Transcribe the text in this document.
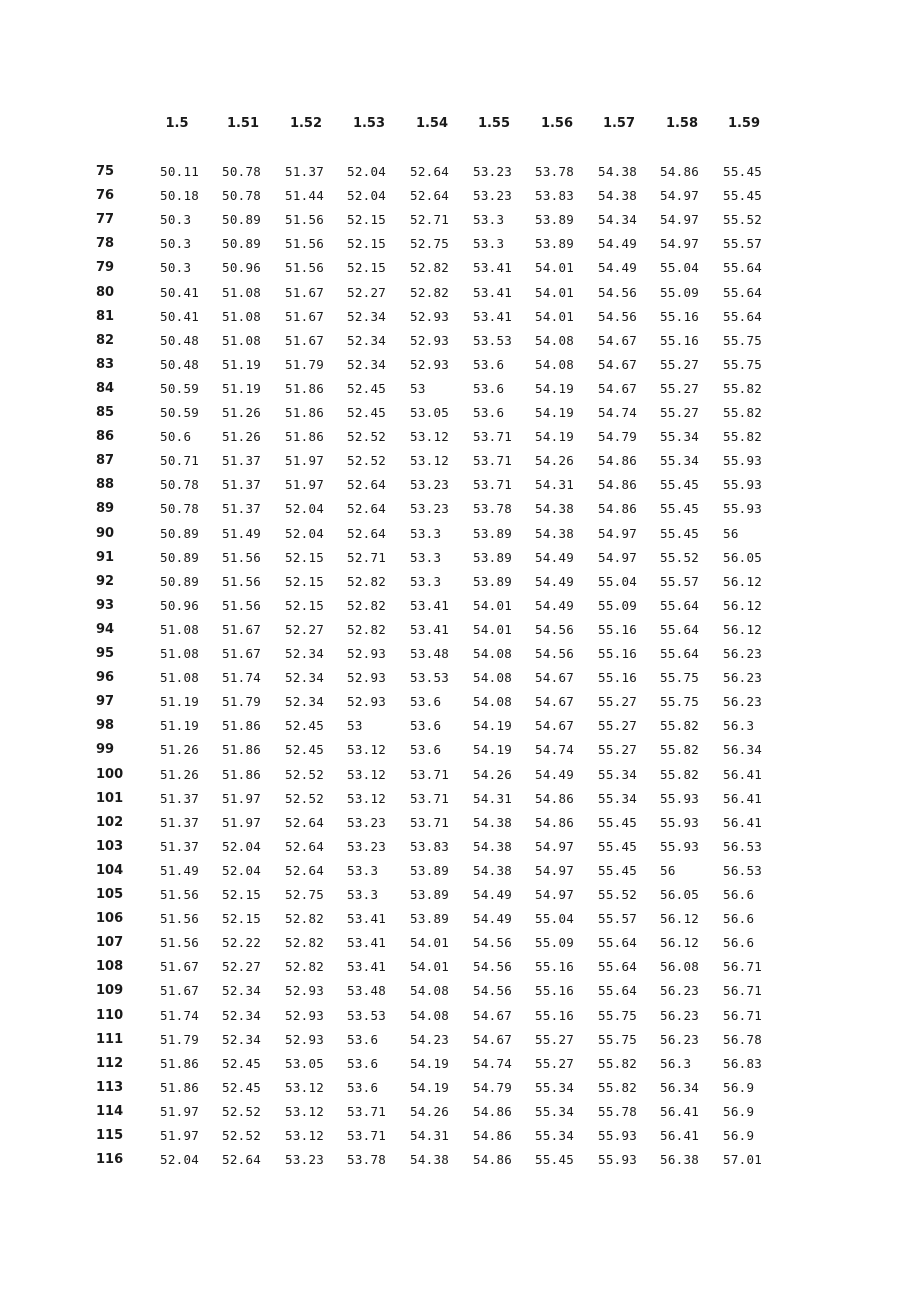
1.5	1.51	1.52	1.53	1.54	1.55	1.56	1.57	1.58	1.59
75	50.11 50.78 51.37 52.04 52.64 53.23 53.78 54.38 54.86 55.45
76	50.18 50.78 51.44 52.04 52.64 53.23 53.83 54.38 54.97 55.45
77	50.3 50.89 51.56 52.15 52.71 53.3 53.89 54.34 54.97 55.52
78	50.3 50.89 51.56 52.15 52.75 53.3 53.89 54.49 54.97 55.57
79	50.3 50.96 51.56 52.15 52.82 53.41 54.01 54.49 55.04 55.64
80	50.41 51.08 51.67 52.27 52.82 53.41 54.01 54.56 55.09 55.64
81	50.41 51.08 51.67 52.34 52.93 53.41 54.01 54.56 55.16 55.64
82	50.48 51.08 51.67 52.34 52.93 53.53 54.08 54.67 55.16 55.75
83	50.48 51.19 51.79 52.34 52.93 53.6 54.08 54.67 55.27 55.75
84	50.59 51.19 51.86 52.45 53	53.6 54.19 54.67 55.27 55.82
85	50.59 51.26 51.86 52.45 53.05 53.6 54.19 54.74 55.27 55.82
86	50.6 51.26 51.86 52.52 53.12 53.71 54.19 54.79 55.34 55.82
87	50.71 51.37 51.97 52.52 53.12 53.71 54.26 54.86 55.34 55.93
88	50.78 51.37 51.97 52.64 53.23 53.71 54.31 54.86 55.45 55.93
89	50.78 51.37 52.04 52.64 53.23 53.78 54.38 54.86 55.45 55.93
90	50.89 51.49 52.04 52.64 53.3	53.89 54.38 54.97 55.45 56
91	50.89 51.56 52.15 52.71 53.3	53.89 54.49 54.97 55.52 56.05
92	50.89 51.56 52.15 52.82 53.3	53.89 54.49 55.04 55.57 56.12
93	50.96 51.56 52.15 52.82 53.41 54.01 54.49 55.09 55.64 56.12
94	51.08 51.67 52.27 52.82 53.41 54.01 54.56 55.16 55.64 56.12
95	51.08 51.67 52.34 52.93 53.48 54.08 54.56 55.16 55.64 56.23
96	51.08 51.74 52.34 52.93 53.53 54.08 54.67 55.16 55.75 56.23
97	51.19 51.79 52.34 52.93 53.6	54.08 54.67 55.27 55.75 56.23
98	51.19 51.86 52.45 53	53.6	54.19 54.67 55.27 55.82 56.3
99	51.26 51.86 52.45 53.12 53.6	54.19 54.74 55.27 55.82 56.34
100	51.26 51.86 52.52 53.12 53.71 54.26 54.49 55.34 55.82 56.41
101	51.37 51.97 52.52 53.12 53.71 54.31 54.86 55.34 55.93 56.41
102	51.37 51.97 52.64 53.23 53.71 54.38 54.86 55.45 55.93 56.41
103	51.37 52.04 52.64 53.23 53.83 54.38 54.97 55.45 55.93 56.53
104	51.49 52.04 52.64 53.3	53.89 54.38 54.97 55.45 56	56.53
105	51.56 52.15 52.75 53.3	53.89 54.49 54.97 55.52 56.05 56.6
106	51.56 52.15 52.82 53.41 53.89 54.49 55.04 55.57 56.12 56.6
107	51.56 52.22 52.82 53.41 54.01 54.56 55.09 55.64 56.12 56.6
108	51.67 52.27 52.82 53.41 54.01 54.56 55.16 55.64 56.08 56.71
109	51.67 52.34 52.93 53.48 54.08 54.56 55.16 55.64 56.23 56.71
110	51.74 52.34 52.93 53.53 54.08 54.67 55.16 55.75 56.23 56.71
111	51.79 52.34 52.93 53.6	54.23 54.67 55.27 55.75 56.23 56.78
112	51.86 52.45 53.05 53.6	54.19 54.74 55.27 55.82 56.3	56.83
113	51.86 52.45 53.12 53.6	54.19 54.79 55.34 55.82 56.34 56.9
114	51.97 52.52 53.12 53.71 54.26 54.86 55.34 55.78 56.41 56.9
115	51.97 52.52 53.12 53.71 54.31 54.86 55.34 55.93 56.41 56.9
116	52.04 52.64 53.23 53.78 54.38 54.86 55.45 55.93 56.38 57.01
